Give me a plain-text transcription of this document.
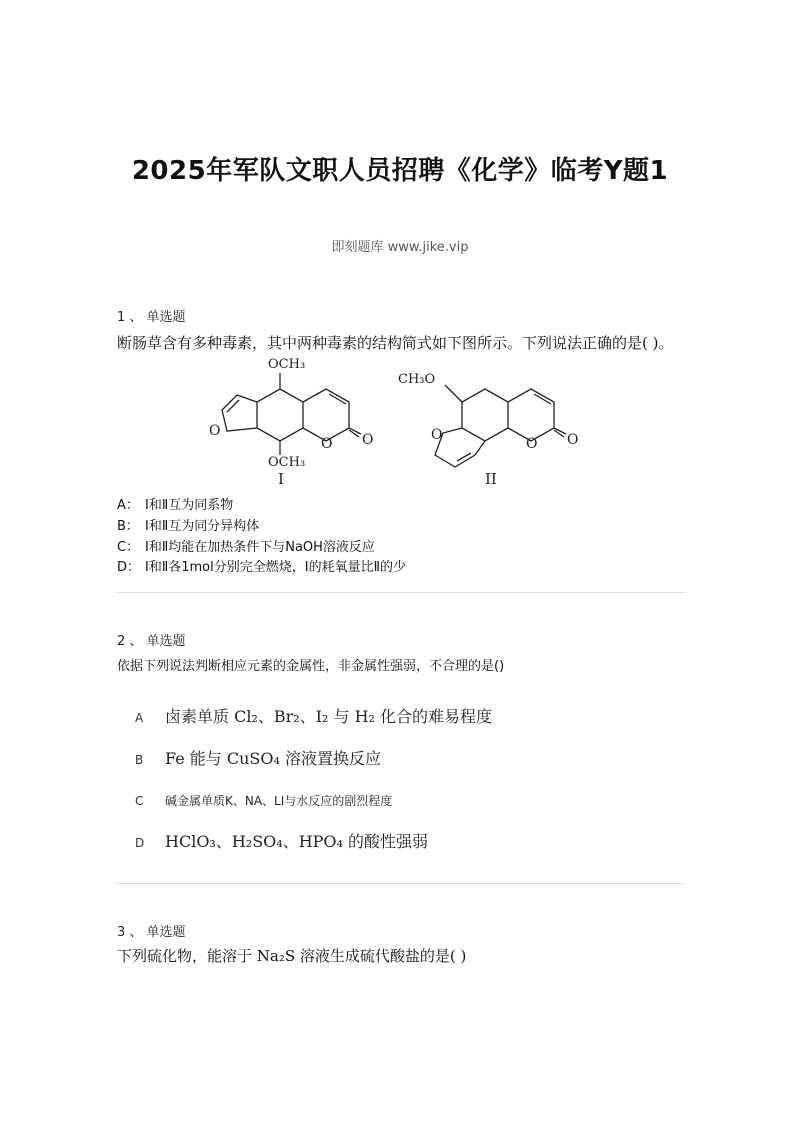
2025年军队文职人员招聘《化学》临考Y题1
即刻题库 www.jike.vip
1 、 单选题
断肠草含有多种毒素，其中两种毒素的结构简式如下图所示。下列说法正确的是( )。
OCH₃
OCH₃
O
O O
I
CH₃O
O
O O
II
A： Ⅰ和Ⅱ互为同系物
B： Ⅰ和Ⅱ互为同分异构体
C： Ⅰ和Ⅱ均能在加热条件下与NaOH溶液反应
D： Ⅰ和Ⅱ各1mol分别完全燃烧，Ⅰ的耗氧量比Ⅱ的少
2 、 单选题
依据下列说法判断相应元素的金属性，非金属性强弱，不合理的是()
A 卤素单质 Cl₂、Br₂、I₂ 与 H₂ 化合的难易程度
B Fe 能与 CuSO₄ 溶液置换反应
C 碱金属单质K、NA、LI与水反应的剧烈程度
D HClO₃、H₂SO₄、HPO₄ 的酸性强弱
3 、 单选题
下列硫化物，能溶于 Na₂S 溶液生成硫代酸盐的是( )
